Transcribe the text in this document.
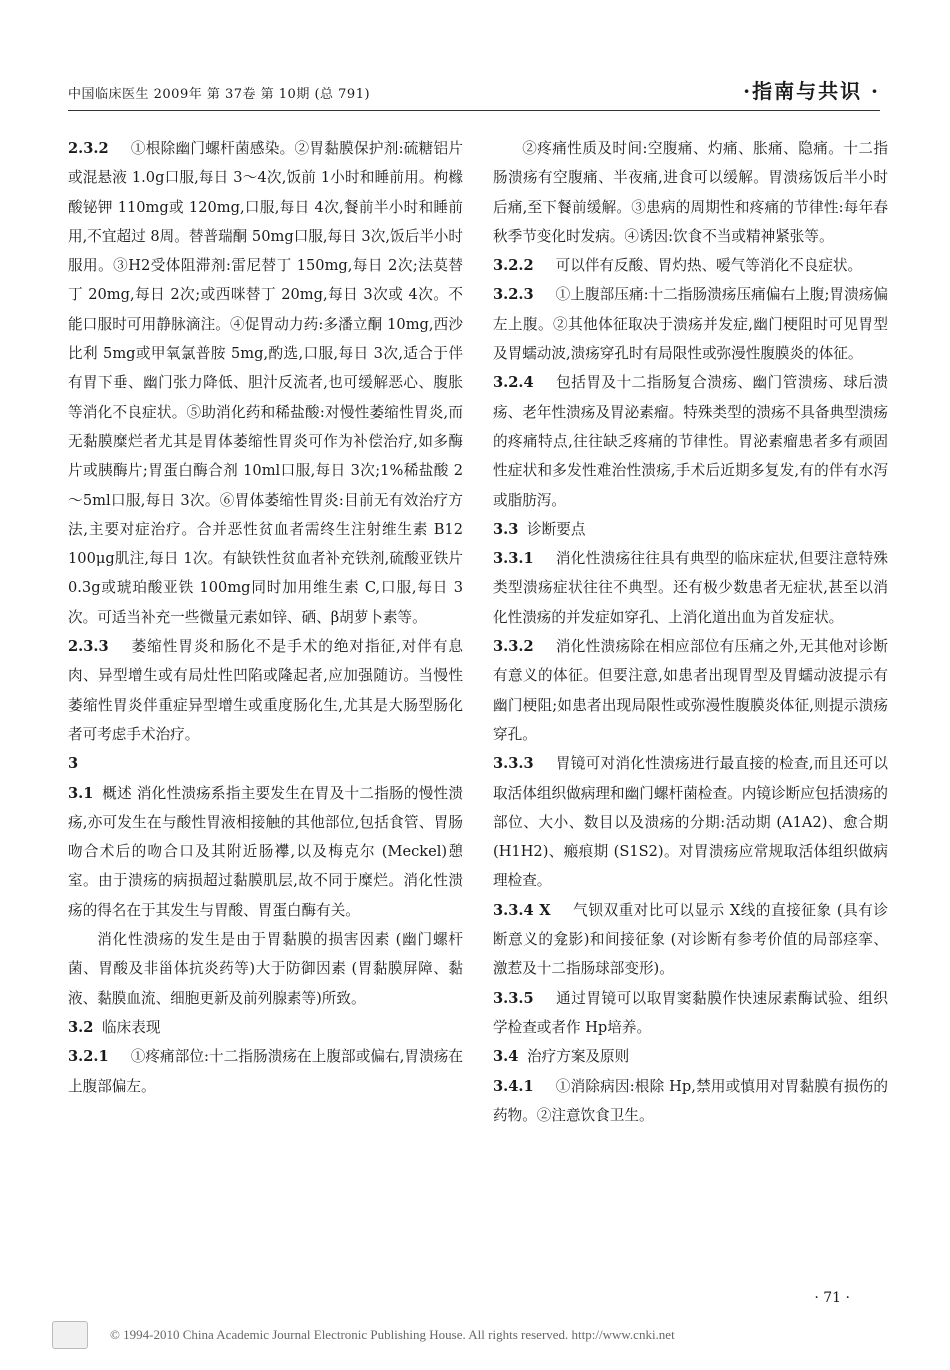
中国临床医生 2009年 第 37卷 第 10期 (总 791)	·指南与共识 ·

2.3.2 ①根除幽门螺杆菌感染。②胃黏膜保护剂:硫糖铝片或混悬液 1.0g口服,每日 3～4次,饭前 1小时和睡前用。枸橼酸铋钾 110mg或 120mg,口服,每日 4次,餐前半小时和睡前用,不宜超过 8周。替普瑞酮 50mg口服,每日 3次,饭后半小时服用。③H2受体阻滞剂:雷尼替丁 150mg,每日 2次;法莫替丁 20mg,每日 2次;或西咪替丁 20mg,每日 3次或 4次。不能口服时可用静脉滴注。④促胃动力药:多潘立酮 10mg,西沙比利 5mg或甲氧氯普胺 5mg,酌选,口服,每日 3次,适合于伴有胃下垂、幽门张力降低、胆汁反流者,也可缓解恶心、腹胀等消化不良症状。⑤助消化药和稀盐酸:对慢性萎缩性胃炎,而无黏膜糜烂者尤其是胃体萎缩性胃炎可作为补偿治疗,如多酶片或胰酶片;胃蛋白酶合剂 10ml口服,每日 3次;1%稀盐酸 2～5ml口服,每日 3次。⑥胃体萎缩性胃炎:目前无有效治疗方法,主要对症治疗。合并恶性贫血者需终生注射维生素 B12 100μg肌注,每日 1次。有缺铁性贫血者补充铁剂,硫酸亚铁片 0.3g或琥珀酸亚铁 100mg同时加用维生素 C,口服,每日 3次。可适当补充一些微量元素如锌、硒、β胡萝卜素等。

2.3.3 萎缩性胃炎和肠化不是手术的绝对指征,对伴有息肉、异型增生或有局灶性凹陷或隆起者,应加强随访。当慢性萎缩性胃炎伴重症异型增生或重度肠化生,尤其是大肠型肠化者可考虑手术治疗。

3

3.1 概述 消化性溃疡系指主要发生在胃及十二指肠的慢性溃疡,亦可发生在与酸性胃液相接触的其他部位,包括食管、胃肠吻合术后的吻合口及其附近肠襻,以及梅克尔 (Meckel)憩室。由于溃疡的病损超过黏膜肌层,故不同于糜烂。消化性溃疡的得名在于其发生与胃酸、胃蛋白酶有关。

消化性溃疡的发生是由于胃黏膜的损害因素 (幽门螺杆菌、胃酸及非甾体抗炎药等)大于防御因素 (胃黏膜屏障、黏液、黏膜血流、细胞更新及前列腺素等)所致。

3.2 临床表现

3.2.1 ①疼痛部位:十二指肠溃疡在上腹部或偏右,胃溃疡在上腹部偏左。

②疼痛性质及时间:空腹痛、灼痛、胀痛、隐痛。十二指肠溃疡有空腹痛、半夜痛,进食可以缓解。胃溃疡饭后半小时后痛,至下餐前缓解。③患病的周期性和疼痛的节律性:每年春秋季节变化时发病。④诱因:饮食不当或精神紧张等。

3.2.2 可以伴有反酸、胃灼热、嗳气等消化不良症状。

3.2.3 ①上腹部压痛:十二指肠溃疡压痛偏右上腹;胃溃疡偏左上腹。②其他体征取决于溃疡并发症,幽门梗阻时可见胃型及胃蠕动波,溃疡穿孔时有局限性或弥漫性腹膜炎的体征。

3.2.4 包括胃及十二指肠复合溃疡、幽门管溃疡、球后溃疡、老年性溃疡及胃泌素瘤。特殊类型的溃疡不具备典型溃疡的疼痛特点,往往缺乏疼痛的节律性。胃泌素瘤患者多有顽固性症状和多发性难治性溃疡,手术后近期多复发,有的伴有水泻或脂肪泻。

3.3 诊断要点

3.3.1 消化性溃疡往往具有典型的临床症状,但要注意特殊类型溃疡症状往往不典型。还有极少数患者无症状,甚至以消化性溃疡的并发症如穿孔、上消化道出血为首发症状。

3.3.2 消化性溃疡除在相应部位有压痛之外,无其他对诊断有意义的体征。但要注意,如患者出现胃型及胃蠕动波提示有幽门梗阻;如患者出现局限性或弥漫性腹膜炎体征,则提示溃疡穿孔。

3.3.3 胃镜可对消化性溃疡进行最直接的检查,而且还可以取活体组织做病理和幽门螺杆菌检查。内镜诊断应包括溃疡的部位、大小、数目以及溃疡的分期:活动期 (A1A2)、愈合期 (H1H2)、瘢痕期 (S1S2)。对胃溃疡应常规取活体组织做病理检查。

3.3.4 X 气钡双重对比可以显示 X线的直接征象 (具有诊断意义的龛影)和间接征象 (对诊断有参考价值的局部痉挛、激惹及十二指肠球部变形)。

3.3.5 通过胃镜可以取胃窦黏膜作快速尿素酶试验、组织学检查或者作 Hp培养。

3.4 治疗方案及原则

3.4.1 ①消除病因:根除 Hp,禁用或慎用对胃黏膜有损伤的药物。②注意饮食卫生。

· 71 ·
© 1994-2010 China Academic Journal Electronic Publishing House. All rights reserved. http://www.cnki.net
